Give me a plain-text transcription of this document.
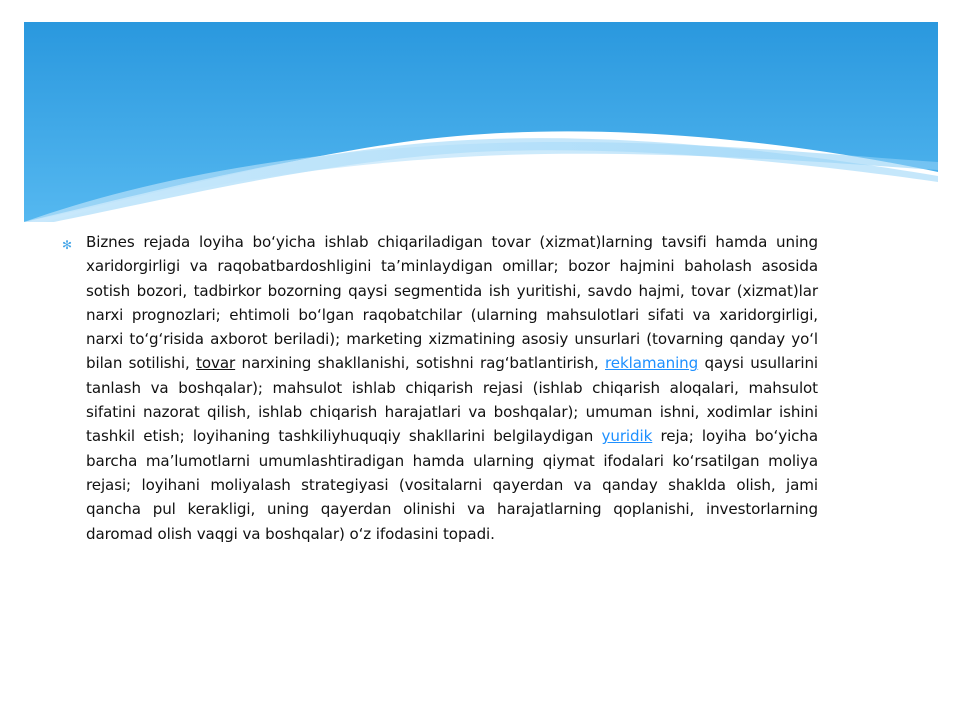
✻ Biznes rejada loyiha bo‘yicha ishlab chiqariladigan tovar (xizmat)larning tavsifi hamda uning xaridorgirligi va raqobatbardoshligini ta’minlaydigan omillar; bozor hajmini baholash asosida sotish bozori, tadbirkor bozorning qaysi segmentida ish yuritishi, savdo hajmi, tovar (xizmat)lar narxi prognozlari; ehtimoli bo‘lgan raqobatchilar (ularning mahsulotlari sifati va xaridorgirligi, narxi to‘g‘risida axborot beriladi); marketing xizmatining asosiy unsurlari (tovarning qanday yo‘l bilan sotilishi, tovar narxining shakllanishi, sotishni rag‘batlantirish, reklamaning qaysi usullarini tanlash va boshqalar); mahsulot ishlab chiqarish rejasi (ishlab chiqarish aloqalari, mahsulot sifatini nazorat qilish, ishlab chiqarish harajatlari va boshqalar); umuman ishni, xodimlar ishini tashkil etish; loyihaning tashkiliyhuquqiy shakllarini belgilaydigan yuridik reja; loyiha bo‘yicha barcha ma’lumotlarni umumlashtiradigan hamda ularning qiymat ifodalari ko‘rsatilgan moliya rejasi; loyihani moliyalash strategiyasi (vositalarni qayerdan va qanday shaklda olish, jami qancha pul kerakligi, uning qayerdan olinishi va harajatlarning qoplanishi, investorlarning daromad olish vaqgi va boshqalar) o‘z ifodasini topadi.
